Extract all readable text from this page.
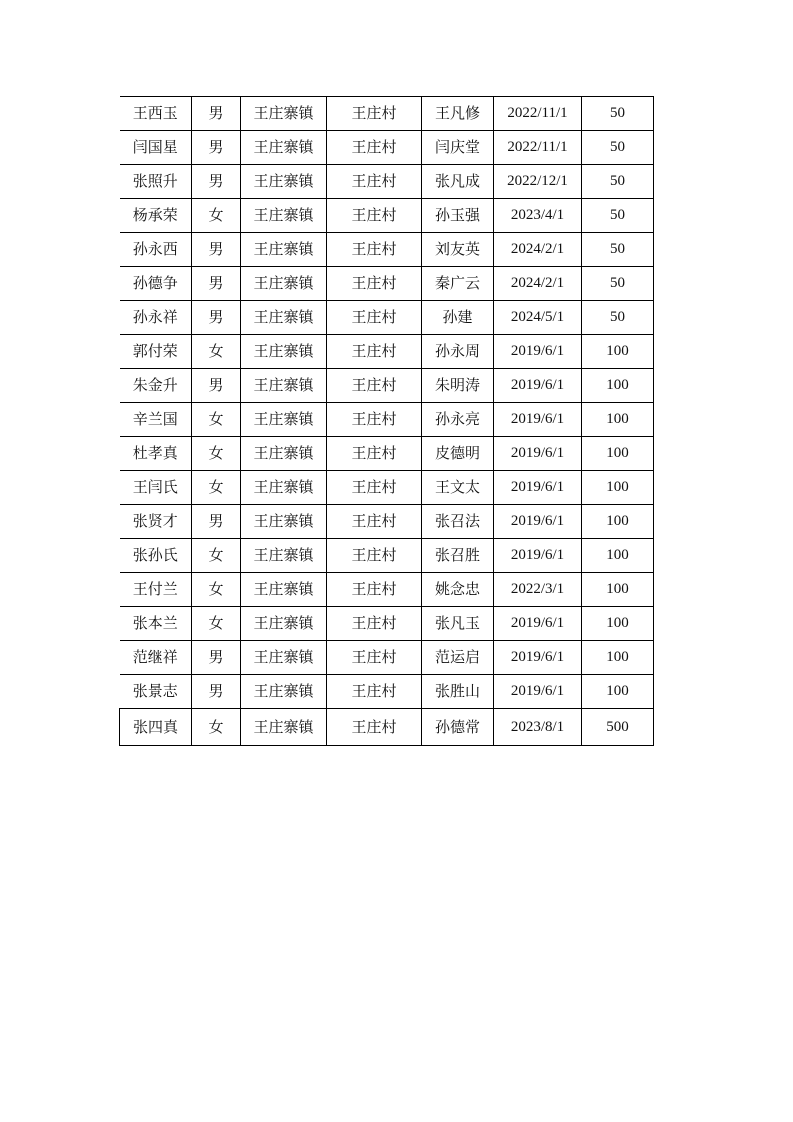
王西玉	男	王庄寨镇	王庄村	王凡修	2022/11/1	50
闫国星	男	王庄寨镇	王庄村	闫庆堂	2022/11/1	50
张照升	男	王庄寨镇	王庄村	张凡成	2022/12/1	50
杨承荣	女	王庄寨镇	王庄村	孙玉强	2023/4/1	50
孙永西	男	王庄寨镇	王庄村	刘友英	2024/2/1	50
孙德争	男	王庄寨镇	王庄村	秦广云	2024/2/1	50
孙永祥	男	王庄寨镇	王庄村	孙建	2024/5/1	50
郭付荣	女	王庄寨镇	王庄村	孙永周	2019/6/1	100
朱金升	男	王庄寨镇	王庄村	朱明涛	2019/6/1	100
辛兰国	女	王庄寨镇	王庄村	孙永亮	2019/6/1	100
杜孝真	女	王庄寨镇	王庄村	皮德明	2019/6/1	100
王闫氏	女	王庄寨镇	王庄村	王文太	2019/6/1	100
张贤才	男	王庄寨镇	王庄村	张召法	2019/6/1	100
张孙氏	女	王庄寨镇	王庄村	张召胜	2019/6/1	100
王付兰	女	王庄寨镇	王庄村	姚念忠	2022/3/1	100
张本兰	女	王庄寨镇	王庄村	张凡玉	2019/6/1	100
范继祥	男	王庄寨镇	王庄村	范运启	2019/6/1	100
张景志	男	王庄寨镇	王庄村	张胜山	2019/6/1	100
张四真	女	王庄寨镇	王庄村	孙德常	2023/8/1	500
